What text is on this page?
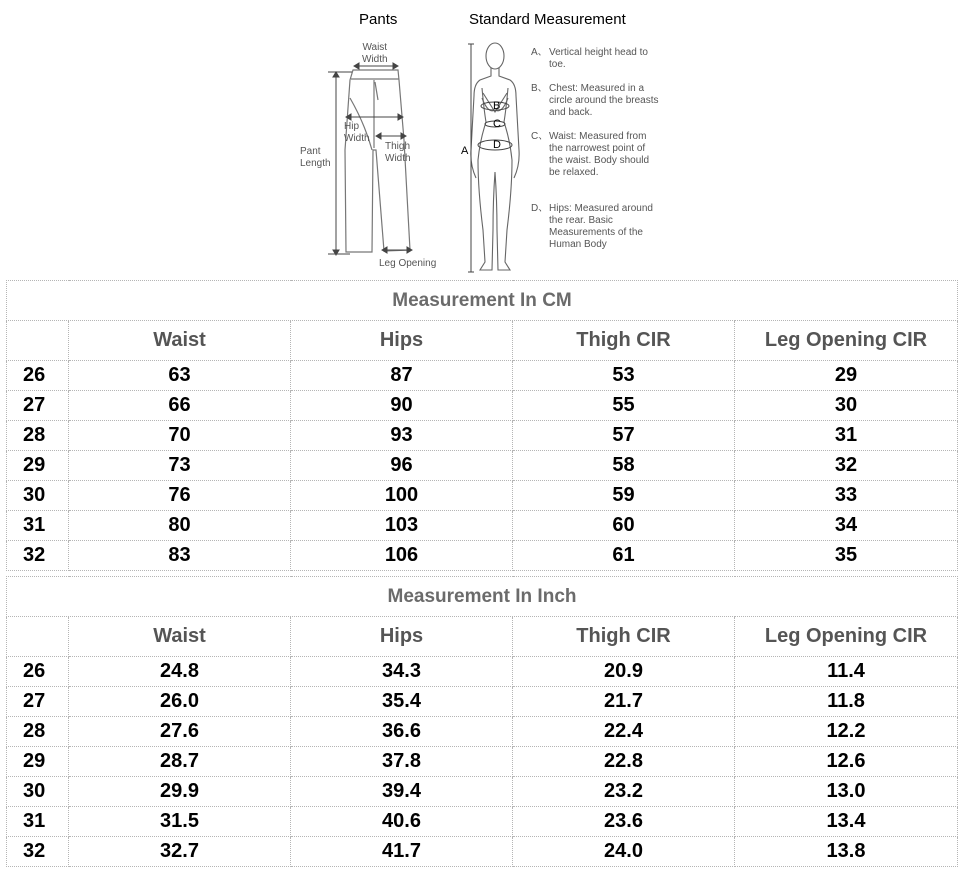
Pants	Standard Measurement
Waist
Width
Hip
Width
Thigh
Width
Pant
Length
Leg Opening
A
B
C
D
A、 Vertical height head to toe.
B、 Chest: Measured in a circle around the breasts and back.
C、 Waist: Measured from the narrowest point of the waist. Body should be relaxed.
D、 Hips: Measured around the rear. Basic Measurements of the Human Body
Measurement In CM				
	Waist	Hips	Thigh CIR	Leg Opening CIR
26	63	87	53	29
27	66	90	55	30
28	70	93	57	31
29	73	96	58	32
30	76	100	59	33
31	80	103	60	34
32	83	106	61	35
Measurement In Inch				
	Waist	Hips	Thigh CIR	Leg Opening CIR
26	24.8	34.3	20.9	11.4
27	26.0	35.4	21.7	11.8
28	27.6	36.6	22.4	12.2
29	28.7	37.8	22.8	12.6
30	29.9	39.4	23.2	13.0
31	31.5	40.6	23.6	13.4
32	32.7	41.7	24.0	13.8
